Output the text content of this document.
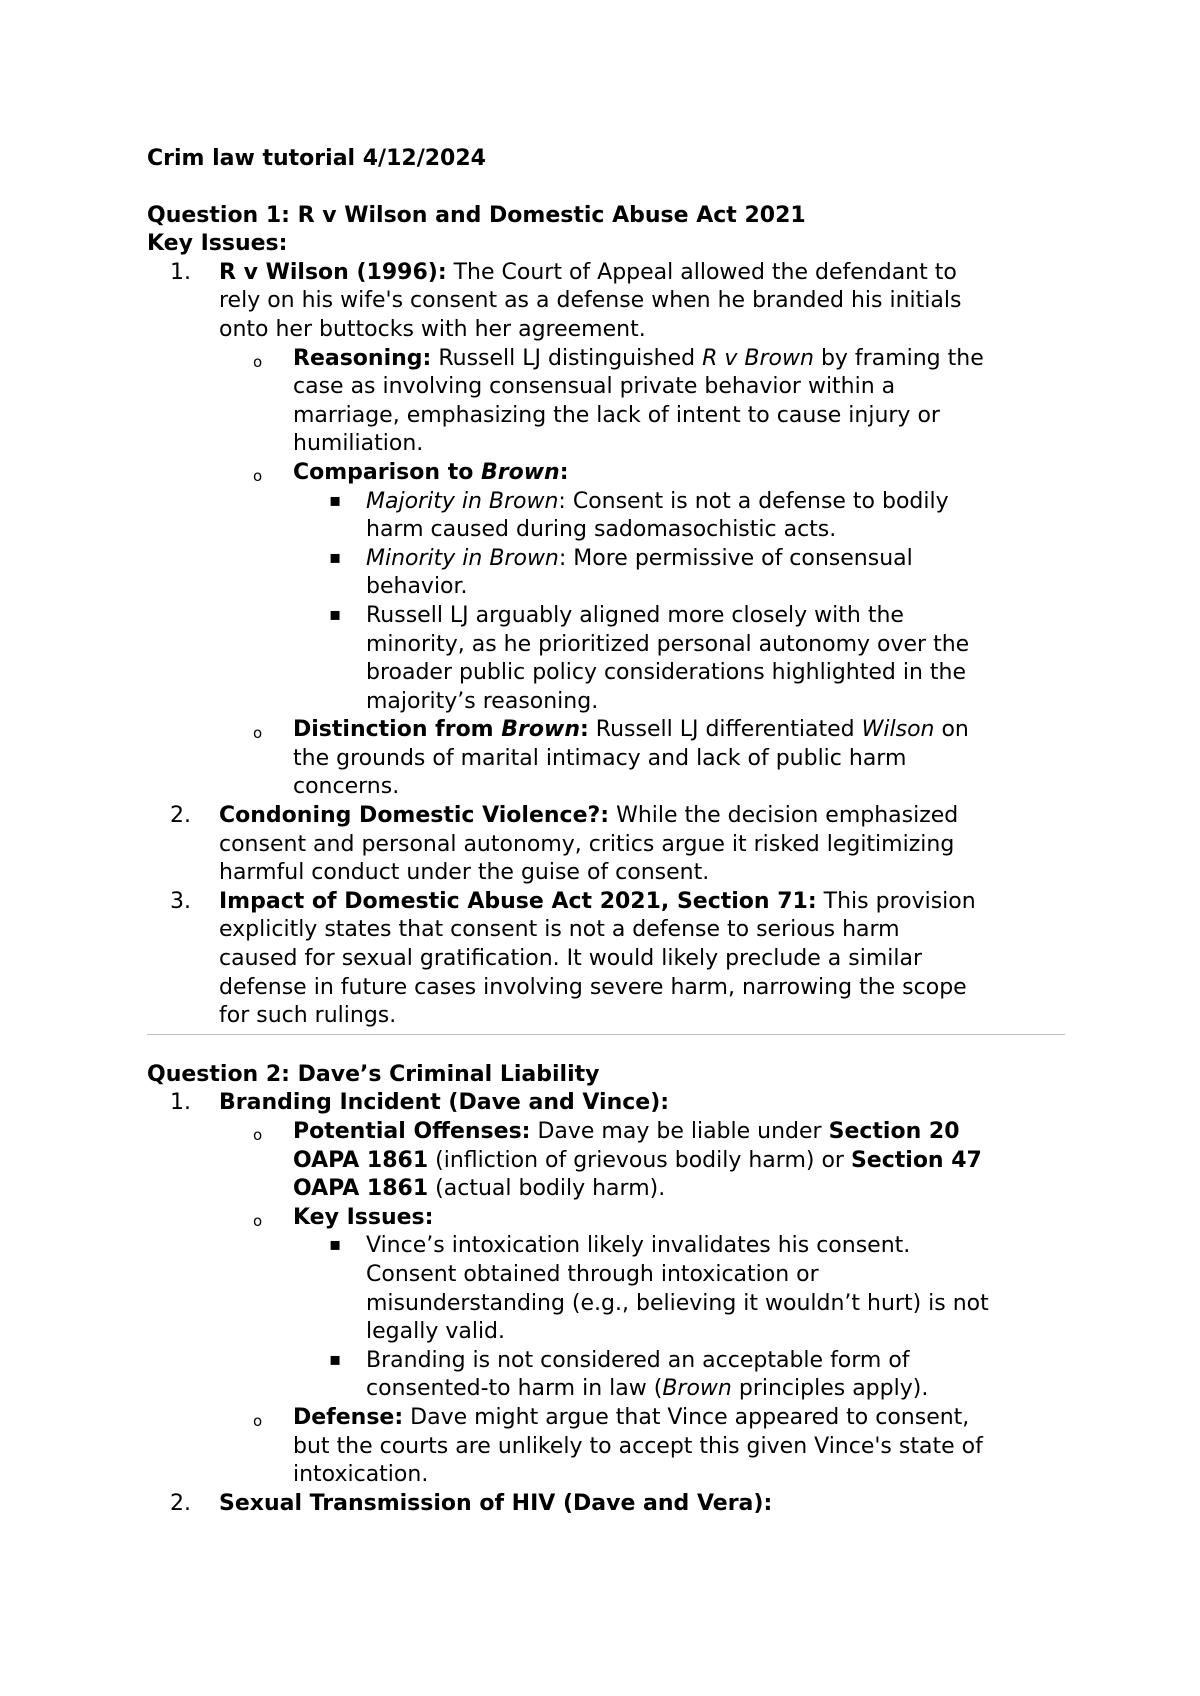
Crim law tutorial 4/12/2024
Question 1: R v Wilson and Domestic Abuse Act 2021
Key Issues:
1. R v Wilson (1996): The Court of Appeal allowed the defendant to
rely on his wife's consent as a defense when he branded his initials
onto her buttocks with her agreement.
o Reasoning: Russell LJ distinguished R v Brown by framing the
case as involving consensual private behavior within a
marriage, emphasizing the lack of intent to cause injury or
humiliation.
o Comparison to Brown:
▪ Majority in Brown: Consent is not a defense to bodily
harm caused during sadomasochistic acts.
▪ Minority in Brown: More permissive of consensual
behavior.
▪ Russell LJ arguably aligned more closely with the
minority, as he prioritized personal autonomy over the
broader public policy considerations highlighted in the
majority’s reasoning.
o Distinction from Brown: Russell LJ differentiated Wilson on
the grounds of marital intimacy and lack of public harm
concerns.
2. Condoning Domestic Violence?: While the decision emphasized
consent and personal autonomy, critics argue it risked legitimizing
harmful conduct under the guise of consent.
3. Impact of Domestic Abuse Act 2021, Section 71: This provision
explicitly states that consent is not a defense to serious harm
caused for sexual gratification. It would likely preclude a similar
defense in future cases involving severe harm, narrowing the scope
for such rulings.
Question 2: Dave’s Criminal Liability
1. Branding Incident (Dave and Vince):
o Potential Offenses: Dave may be liable under Section 20
OAPA 1861 (infliction of grievous bodily harm) or Section 47
OAPA 1861 (actual bodily harm).
o Key Issues:
▪ Vince’s intoxication likely invalidates his consent.
Consent obtained through intoxication or
misunderstanding (e.g., believing it wouldn’t hurt) is not
legally valid.
▪ Branding is not considered an acceptable form of
consented-to harm in law (Brown principles apply).
o Defense: Dave might argue that Vince appeared to consent,
but the courts are unlikely to accept this given Vince's state of
intoxication.
2. Sexual Transmission of HIV (Dave and Vera):
